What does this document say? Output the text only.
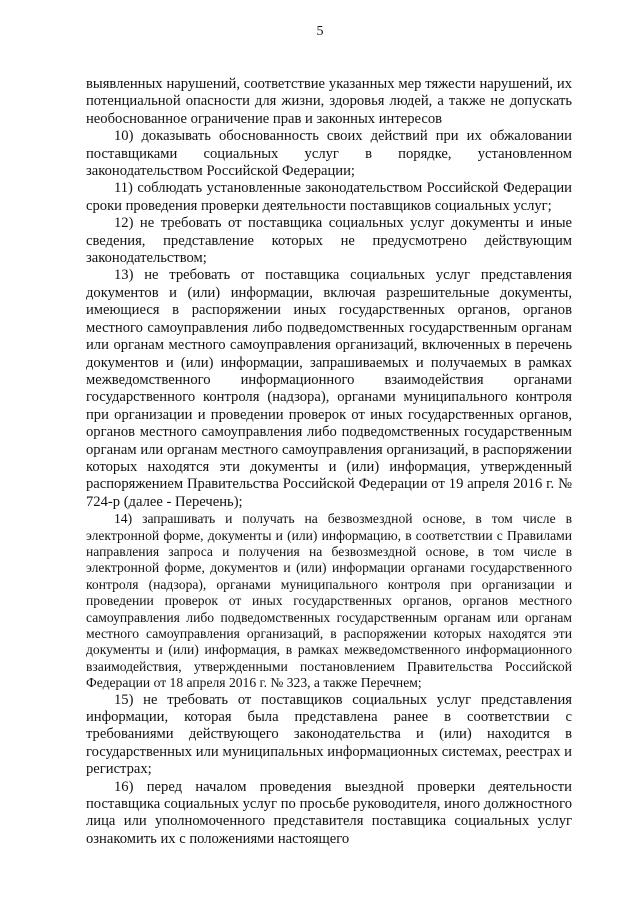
5

выявленных нарушений, соответствие указанных мер тяжести нарушений, их потенциальной опасности для жизни, здоровья людей, а также не допускать необоснованное ограничение прав и законных интересов

10) доказывать обоснованность своих действий при их обжаловании поставщиками социальных услуг в порядке, установленном законодательством Российской Федерации;

11) соблюдать установленные законодательством Российской Федерации сроки проведения проверки деятельности поставщиков социальных услуг;

12) не требовать от поставщика социальных услуг документы и иные сведения, представление которых не предусмотрено действующим законодательством;

13) не требовать от поставщика социальных услуг представления документов и (или) информации, включая разрешительные документы, имеющиеся в распоряжении иных государственных органов, органов местного самоуправления либо подведомственных государственным органам или органам местного самоуправления организаций, включенных в перечень документов и (или) информации, запрашиваемых и получаемых в рамках межведомственного информационного взаимодействия органами государственного контроля (надзора), органами муниципального контроля при организации и проведении проверок от иных государственных органов, органов местного самоуправления либо подведомственных государственным органам или органам местного самоуправления организаций, в распоряжении которых находятся эти документы и (или) информация, утвержденный распоряжением Правительства Российской Федерации от 19 апреля 2016 г. № 724-р (далее - Перечень);

14) запрашивать и получать на безвозмездной основе, в том числе в электронной форме, документы и (или) информацию, в соответствии с Правилами направления запроса и получения на безвозмездной основе, в том числе в электронной форме, документов и (или) информации органами государственного контроля (надзора), органами муниципального контроля при организации и проведении проверок от иных государственных органов, органов местного самоуправления либо подведомственных государственным органам или органам местного самоуправления организаций, в распоряжении которых находятся эти документы и (или) информация, в рамках межведомственного информационного взаимодействия, утвержденными постановлением Правительства Российской Федерации от 18 апреля 2016 г. № 323, а также Перечнем;

15) не требовать от поставщиков социальных услуг представления информации, которая была представлена ранее в соответствии с требованиями действующего законодательства и (или) находится в государственных или муниципальных информационных системах, реестрах и регистрах;

16) перед началом проведения выездной проверки деятельности поставщика социальных услуг по просьбе руководителя, иного должностного лица или уполномоченного представителя поставщика социальных услуг ознакомить их с положениями настоящего
